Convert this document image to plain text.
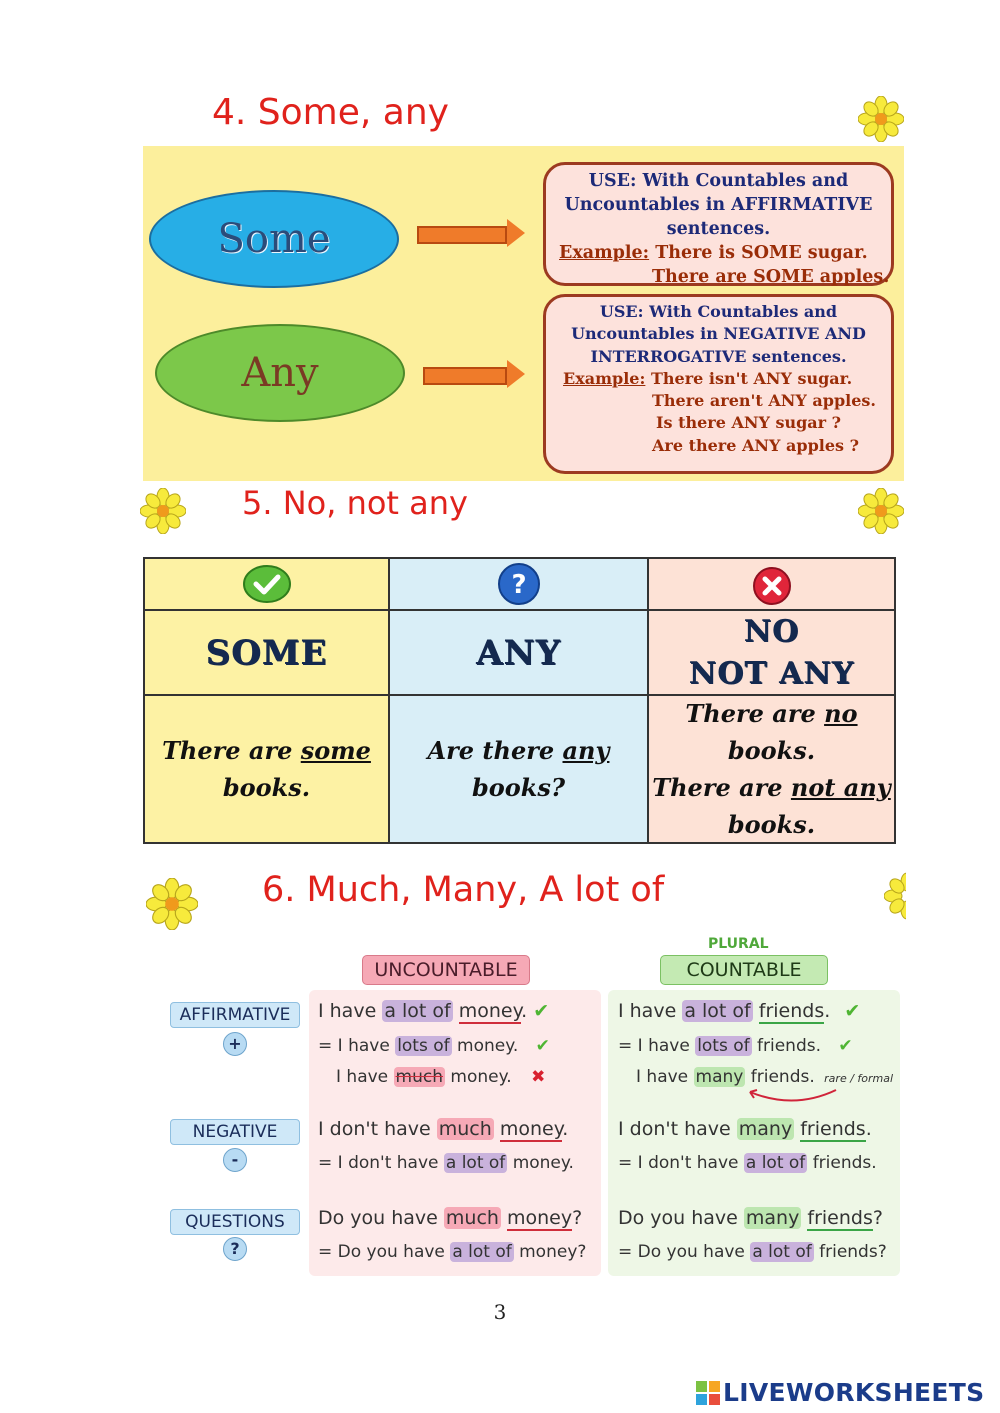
4. Some, any
Some
USE: With Countables and
Uncountables in AFFIRMATIVE
sentences.
Example: There is SOME sugar.
There are SOME apples.
Any
USE: With Countables and
Uncountables in NEGATIVE AND
INTERROGATIVE sentences.
Example: There isn't ANY sugar.
There aren't ANY apples.
Is there ANY sugar ?
Are there ANY apples ?
5. No, not any
?
SOME	ANY
NO
NOT ANY
There are some
books.
Are there any
books?
There are no
books.
There are not any
books.
6. Much, Many, A lot of
UNCOUNTABLE
PLURAL
COUNTABLE
AFFIRMATIVE
+
NEGATIVE
-
QUESTIONS
?
I have a lot of money. ✔
= I have lots of money. ✔
I have much money. ✖
I don't have much money.
= I don't have a lot of money.
Do you have much money?
= Do you have a lot of money?
I have a lot of friends. ✔
= I have lots of friends. ✔
I have many friends. rare / formal
I don't have many friends.
= I don't have a lot of friends.
Do you have many friends?
= Do you have a lot of friends?
3
LIVEWORKSHEETS
